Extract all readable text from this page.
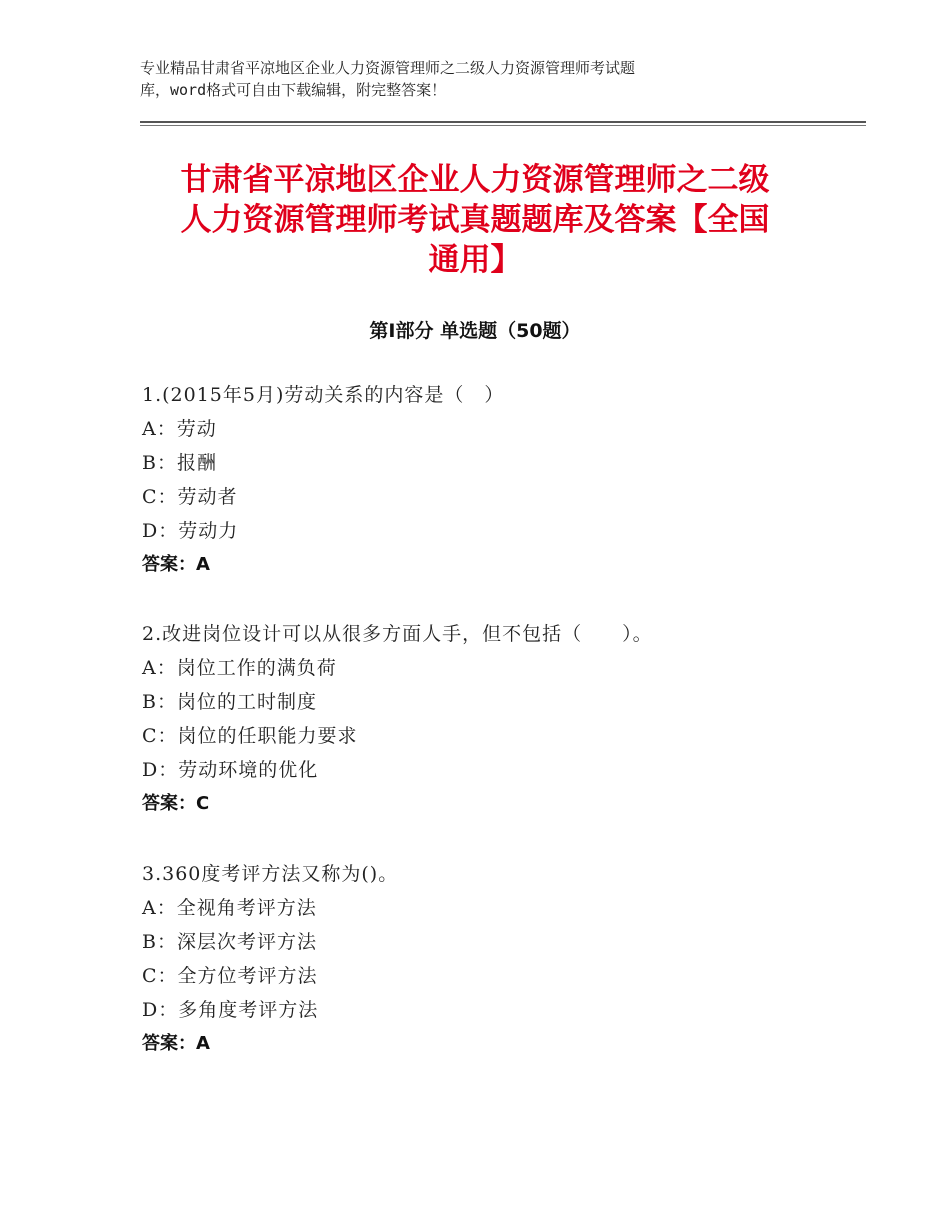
专业精品甘肃省平凉地区企业人力资源管理师之二级人力资源管理师考试题
库，word格式可自由下载编辑，附完整答案！
甘肃省平凉地区企业人力资源管理师之二级
人力资源管理师考试真题题库及答案【全国
通用】
第Ⅰ部分 单选题（50题）
1.(2015年5月)劳动关系的内容是（　）
A：劳动
B：报酬
C：劳动者
D：劳动力
答案：A
2.改进岗位设计可以从很多方面人手，但不包括（　　）。
A：岗位工作的满负荷
B：岗位的工时制度
C：岗位的任职能力要求
D：劳动环境的优化
答案：C
3.360度考评方法又称为()。
A：全视角考评方法
B：深层次考评方法
C：全方位考评方法
D：多角度考评方法
答案：A
